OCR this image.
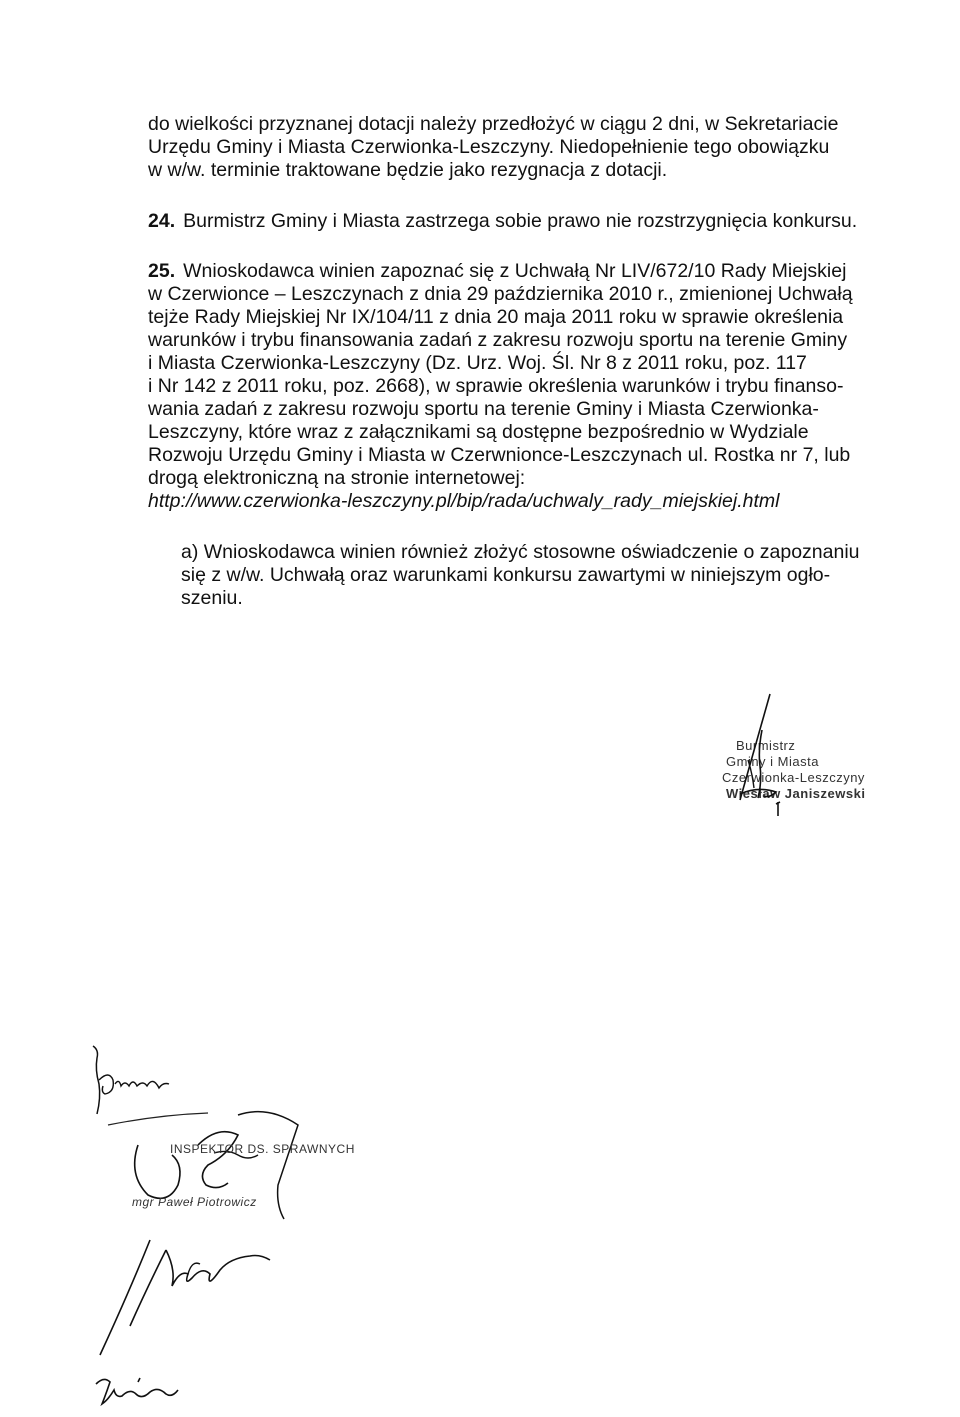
do wielkości przyznanej dotacji należy przedłożyć w ciągu 2 dni, w Sekretariacie
Urzędu Gminy i Miasta Czerwionka-Leszczyny. Niedopełnienie tego obowiązku
w w/w. terminie traktowane będzie jako rezygnacja z dotacji.
24. Burmistrz Gminy i Miasta zastrzega sobie prawo nie rozstrzygnięcia konkursu.
25. Wnioskodawca winien zapoznać się z Uchwałą Nr LIV/672/10 Rady Miejskiej
w Czerwionce – Leszczynach z dnia 29 października 2010 r., zmienionej Uchwałą
tejże Rady Miejskiej Nr IX/104/11 z dnia 20 maja 2011 roku w sprawie określenia
warunków i trybu finansowania zadań z zakresu rozwoju sportu na terenie Gminy
i Miasta Czerwionka-Leszczyny (Dz. Urz. Woj. Śl. Nr 8 z 2011 roku, poz. 117
i Nr 142 z 2011 roku, poz. 2668), w sprawie określenia warunków i trybu finanso-
wania zadań z zakresu rozwoju sportu na terenie Gminy i Miasta Czerwionka-
Leszczyny, które wraz z załącznikami są dostępne bezpośrednio w Wydziale
Rozwoju Urzędu Gminy i Miasta w Czerwnionce-Leszczynach ul. Rostka nr 7, lub
drogą elektroniczną na stronie internetowej:
http://www.czerwionka-leszczyny.pl/bip/rada/uchwaly_rady_miejskiej.html
a) Wnioskodawca winien również złożyć stosowne oświadczenie o zapoznaniu
się z w/w. Uchwałą oraz warunkami konkursu zawartymi w niniejszym ogło-
szeniu.
Burmistrz
Gminy i Miasta
Czerwionka-Leszczyny
Wiesław Janiszewski
INSPEKTOR DS. SPRAWNYCH
mgr Paweł Piotrowicz
